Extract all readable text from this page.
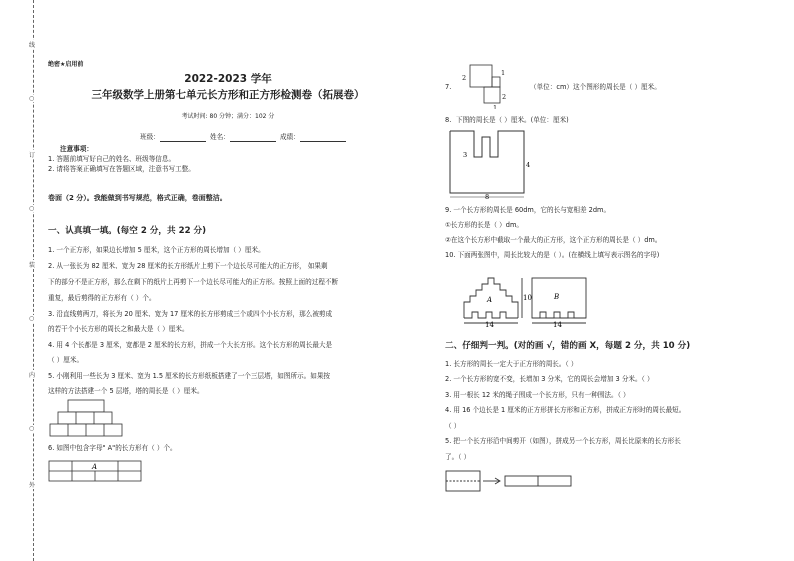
线
○
订
○
装
○
内
○
外
绝密★启用前
2022-2023 学年
三年级数学上册第七单元长方形和正方形检测卷（拓展卷）
考试时间: 80 分钟；满分：102 分
班级：	姓名：	成绩：
注意事项：
1. 答题前填写好自己的姓名、班级等信息。
2. 请将答案正确填写在答题区域，注意书写工整。
卷面（2 分）。我能做到书写规范，格式正确，卷面整洁。
一、认真填一填。(每空 2 分，共 22 分)
1. 一个正方形，如果边长增加 5 厘米，这个正方形的周长增加（ ）厘米。
2. 从一张长为 82 厘米、宽为 28 厘米的长方形纸片上剪下一个边长尽可能大的正方形， 如果剩
下的部分不是正方形，那么在剩下的纸片上再剪下一个边长尽可能大的正方形。按照上面的过程不断
重复，最后剪得的正方形有（ ）个。
3. 沿直线剪两刀，将长为 20 厘米、宽为 17 厘米的长方形剪成三个或四个小长方形，那么被剪成
的若干个小长方形的周长之和最大是（ ）厘米。
4. 用 4 个长都是 3 厘米，宽都是 2 厘米的长方形，拼成一个大长方形。这个长方形的周长最大是
（ ）厘米。
5. 小刚利用一些长为 3 厘米、宽为 1.5 厘米的长方形纸板搭建了一个三层塔，如图所示。如果按
这样的方法搭建一个 5 层塔，塔的周长是（ ）厘米。
6. 如图中包含字母" A"的长方形有（ ）个。
A
7.
2
1
2
1
（单位：cm）这个图形的周长是（ ）厘米。
8. 下图的周长是（ ）厘米。(单位：厘米)
3
4
8
9. 一个长方形的周长是 60dm，它的长与宽相差 2dm。
①长方形的长是（ ）dm。
②在这个长方形中截取一个最大的正方形，这个正方形的周长是（ ）dm。
10. 下面两张图中，周长比较大的是（ ）。(在横线上填写表示图名的字母)
A	B
10
14	14
二、仔细判一判。(对的画 √，错的画 X，每题 2 分，共 10 分)
1. 长方形的周长一定大于正方形的周长。（ ）
2. 一个长方形的宽不变，长增加 3 分米，它的周长会增加 3 分米。（ ）
3. 用一根长 12 米的绳子围成一个长方形，只有一种围法。（ ）
4. 用 16 个边长是 1 厘米的正方形拼长方形和正方形，拼成正方形时的周长最短。
（ ）
5. 把一个长方形沿中间剪开（如图），拼成另一个长方形，周长比原来的长方形长
了。（ ）
